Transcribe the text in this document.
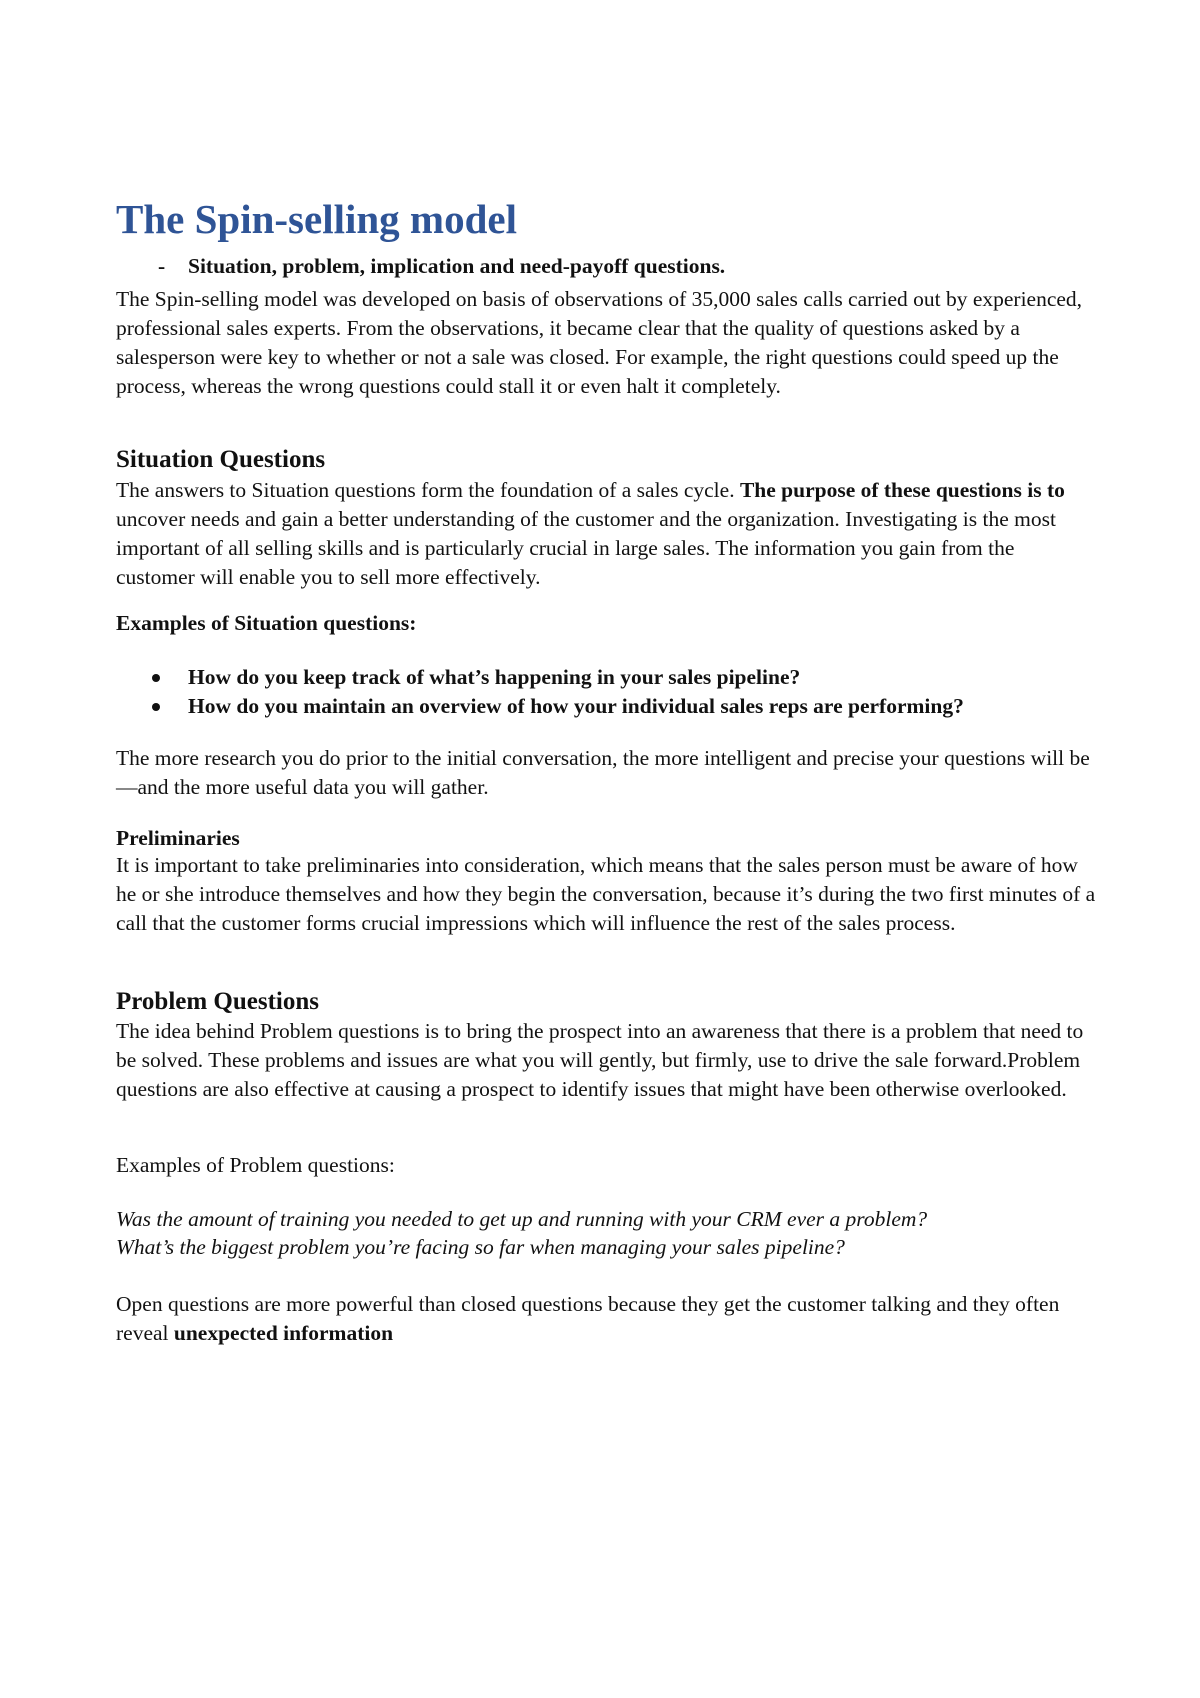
The Spin-selling model

- Situation, problem, implication and need-payoff questions.

The Spin-selling model was developed on basis of observations of 35,000 sales calls carried out by experienced, professional sales experts. From the observations, it became clear that the quality of questions asked by a salesperson were key to whether or not a sale was closed. For example, the right questions could speed up the process, whereas the wrong questions could stall it or even halt it completely.

Situation Questions

The answers to Situation questions form the foundation of a sales cycle. The purpose of these questions is to uncover needs and gain a better understanding of the customer and the organization. Investigating is the most important of all selling skills and is particularly crucial in large sales. The information you gain from the customer will enable you to sell more effectively.

Examples of Situation questions:

How do you keep track of what’s happening in your sales pipeline?
How do you maintain an overview of how your individual sales reps are performing?

The more research you do prior to the initial conversation, the more intelligent and precise your questions will be—and the more useful data you will gather.

Preliminaries

It is important to take preliminaries into consideration, which means that the sales person must be aware of how he or she introduce themselves and how they begin the conversation, because it’s during the two first minutes of a call that the customer forms crucial impressions which will influence the rest of the sales process.

Problem Questions

The idea behind Problem questions is to bring the prospect into an awareness that there is a problem that need to be solved. These problems and issues are what you will gently, but firmly, use to drive the sale forward.Problem questions are also effective at causing a prospect to identify issues that might have been otherwise overlooked.

Examples of Problem questions:

Was the amount of training you needed to get up and running with your CRM ever a problem?

What’s the biggest problem you’re facing so far when managing your sales pipeline?

Open questions are more powerful than closed questions because they get the customer talking and they often reveal unexpected information
